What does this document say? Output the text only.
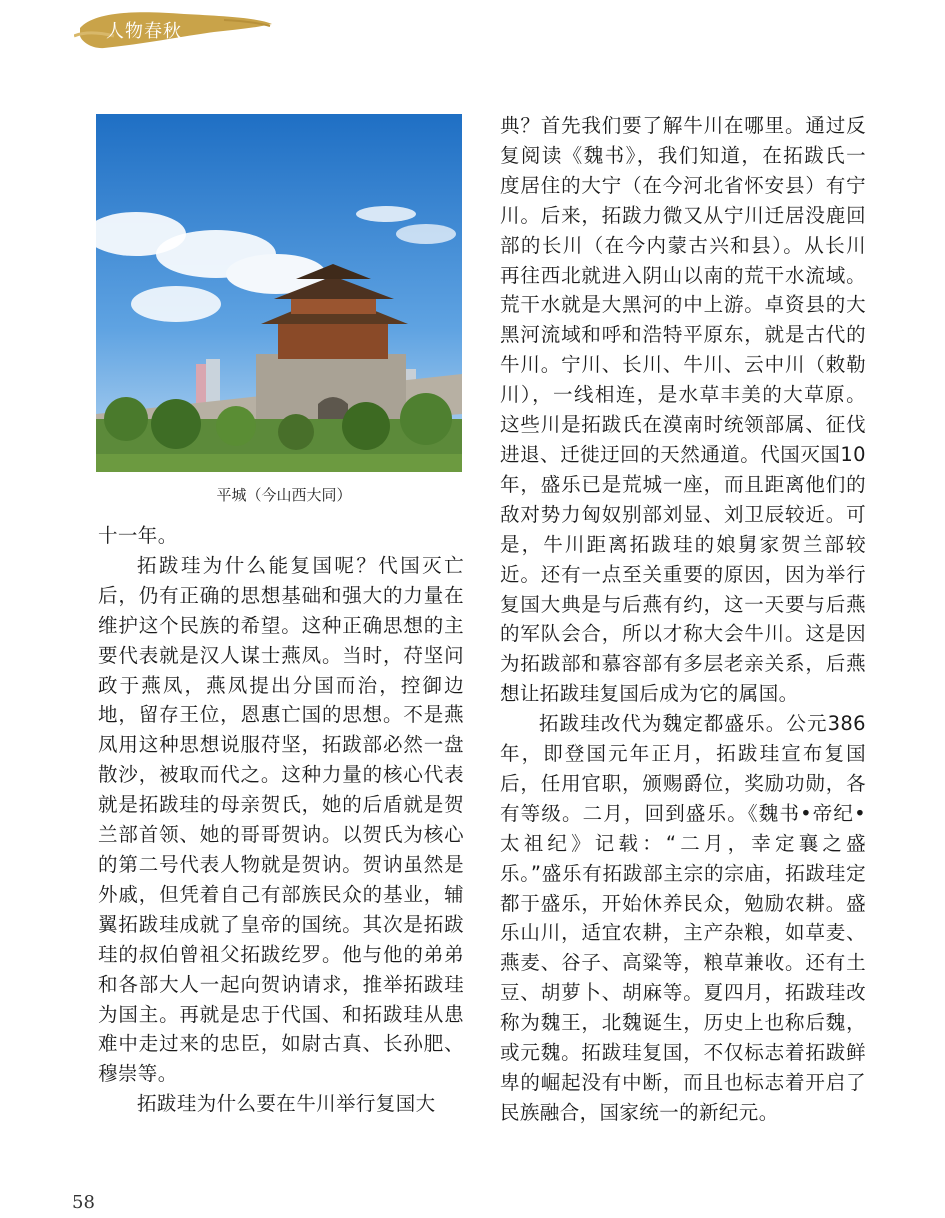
人物春秋
平城（今山西大同）

十一年。

拓跋珪为什么能复国呢？代国灭亡后，仍有正确的思想基础和强大的力量在维护这个民族的希望。这种正确思想的主要代表就是汉人谋士燕凤。当时，苻坚问政于燕凤，燕凤提出分国而治，控御边地，留存王位，恩惠亡国的思想。不是燕凤用这种思想说服苻坚，拓跋部必然一盘散沙，被取而代之。这种力量的核心代表就是拓跋珪的母亲贺氏，她的后盾就是贺兰部首领、她的哥哥贺讷。以贺氏为核心的第二号代表人物就是贺讷。贺讷虽然是外戚，但凭着自己有部族民众的基业，辅翼拓跋珪成就了皇帝的国统。其次是拓跋珪的叔伯曾祖父拓跋纥罗。他与他的弟弟和各部大人一起向贺讷请求，推举拓跋珪为国主。再就是忠于代国、和拓跋珪从患难中走过来的忠臣，如尉古真、长孙肥、穆崇等。

拓跋珪为什么要在牛川举行复国大

典？首先我们要了解牛川在哪里。通过反复阅读《魏书》，我们知道，在拓跋氏一度居住的大宁（在今河北省怀安县）有宁川。后来，拓跋力微又从宁川迁居没鹿回部的长川（在今内蒙古兴和县）。从长川再往西北就进入阴山以南的荒干水流域。荒干水就是大黑河的中上游。卓资县的大黑河流域和呼和浩特平原东，就是古代的牛川。宁川、长川、牛川、云中川（敕勒川），一线相连，是水草丰美的大草原。这些川是拓跋氏在漠南时统领部属、征伐进退、迁徙迂回的天然通道。代国灭国10年，盛乐已是荒城一座，而且距离他们的敌对势力匈奴别部刘显、刘卫辰较近。可是，牛川距离拓跋珪的娘舅家贺兰部较近。还有一点至关重要的原因，因为举行复国大典是与后燕有约，这一天要与后燕的军队会合，所以才称大会牛川。这是因为拓跋部和慕容部有多层老亲关系，后燕想让拓跋珪复国后成为它的属国。

拓跋珪改代为魏定都盛乐。公元386年，即登国元年正月，拓跋珪宣布复国后，任用官职，颁赐爵位，奖励功勋，各有等级。二月，回到盛乐。《魏书•帝纪•太祖纪》记载：“二月，幸定襄之盛乐。”盛乐有拓跋部主宗的宗庙，拓跋珪定都于盛乐，开始休养民众，勉励农耕。盛乐山川，适宜农耕，主产杂粮，如草麦、燕麦、谷子、高粱等，粮草兼收。还有土豆、胡萝卜、胡麻等。夏四月，拓跋珪改称为魏王，北魏诞生，历史上也称后魏，或元魏。拓跋珪复国，不仅标志着拓跋鲜卑的崛起没有中断，而且也标志着开启了民族融合，国家统一的新纪元。

58
